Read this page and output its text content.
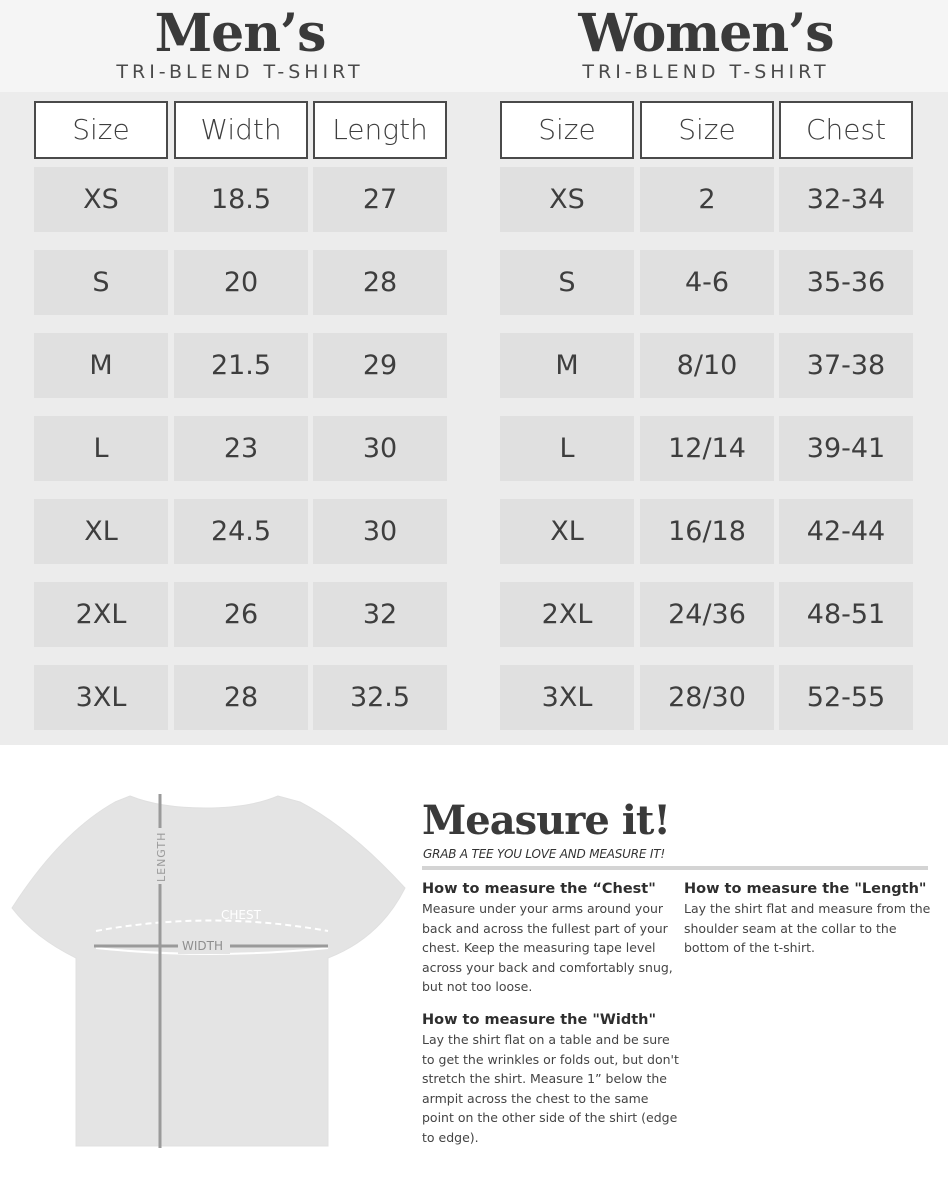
Men’s
TRI-BLEND T-SHIRT
Women’s
TRI-BLEND T-SHIRT
Size	Width	Length
XS	18.5	27
S	20	28
M	21.5	29
L	23	30
XL	24.5	30
2XL	26	32
3XL	28	32.5
Size	Size	Chest
XS	2	32-34
S	4-6	35-36
M	8/10	37-38
L	12/14	39-41
XL	16/18	42-44
2XL	24/36	48-51
3XL	28/30	52-55
LENGTH
CHEST
WIDTH
Measure it!
GRAB A TEE YOU LOVE AND MEASURE IT!
How to measure the “Chest"

Measure under your arms around your back and across the fullest part of your chest. Keep the measuring tape level across your back and comfortably snug, but not too loose.

How to measure the "Length"

Lay the shirt flat and measure from the shoulder seam at the collar to the bottom of the t-shirt.

How to measure the "Width"

Lay the shirt flat on a table and be sure to get the wrinkles or folds out, but don't stretch the shirt. Measure 1” below the armpit across the chest to the same point on the other side of the shirt (edge to edge).
